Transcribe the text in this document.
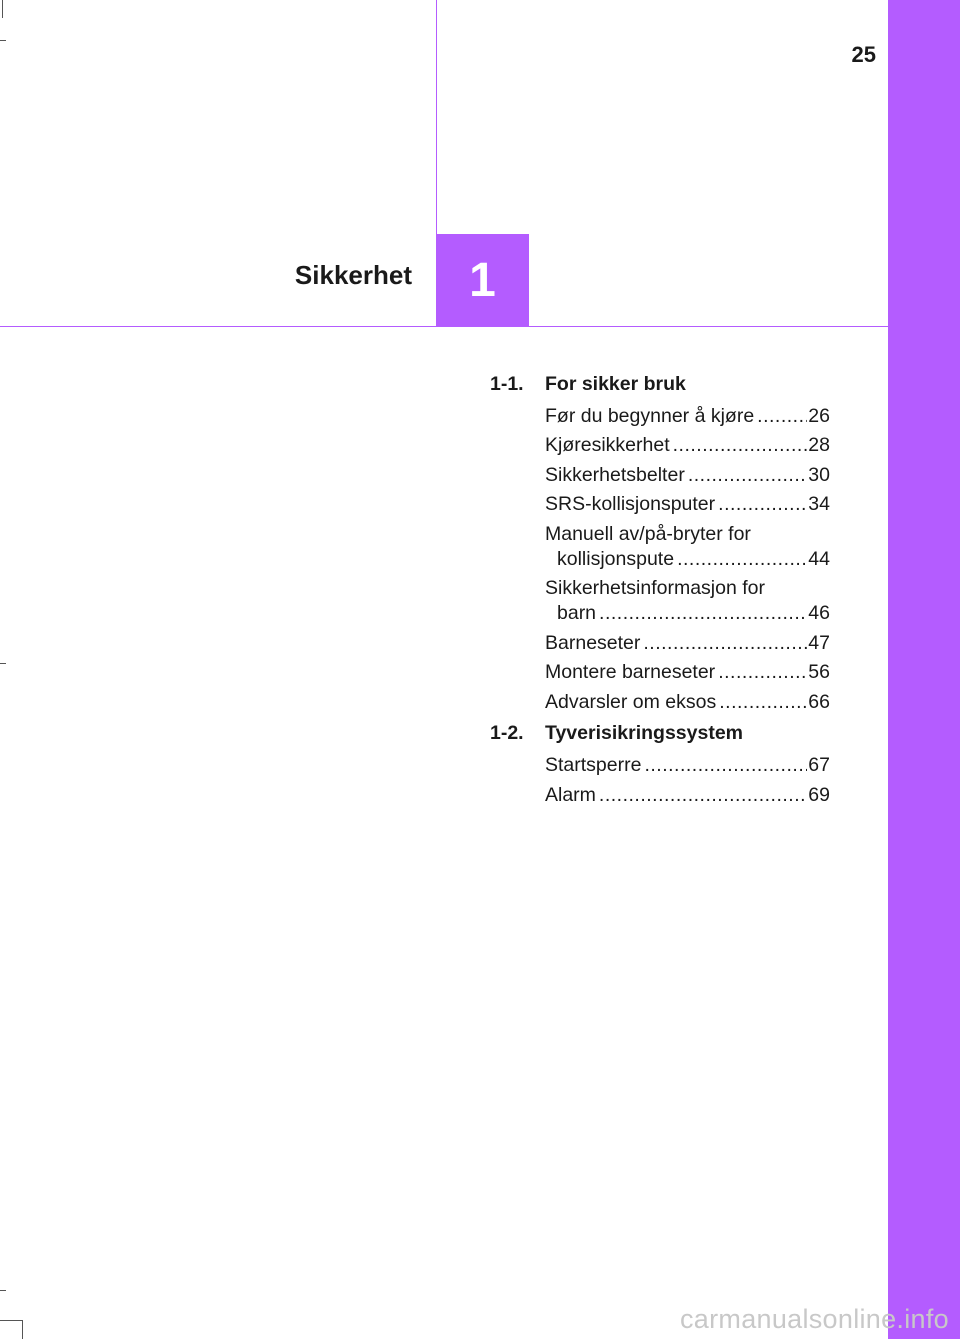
25
Sikkerhet 1
1-1.	For sikker bruk
Før du begynner å kjøre .....	26
Kjøresikkerhet .....	28
Sikkerhetsbelter .....	30
SRS-kollisjonsputer .....	34
Manuell av/på-bryter for
kollisjonspute .....	44
Sikkerhetsinformasjon for
barn .....	46
Barneseter .....	47
Montere barneseter .....	56
Advarsler om eksos .....	66
1-2.	Tyverisikringssystem
Startsperre .....	67
Alarm .....	69
carmanualsonline.info
